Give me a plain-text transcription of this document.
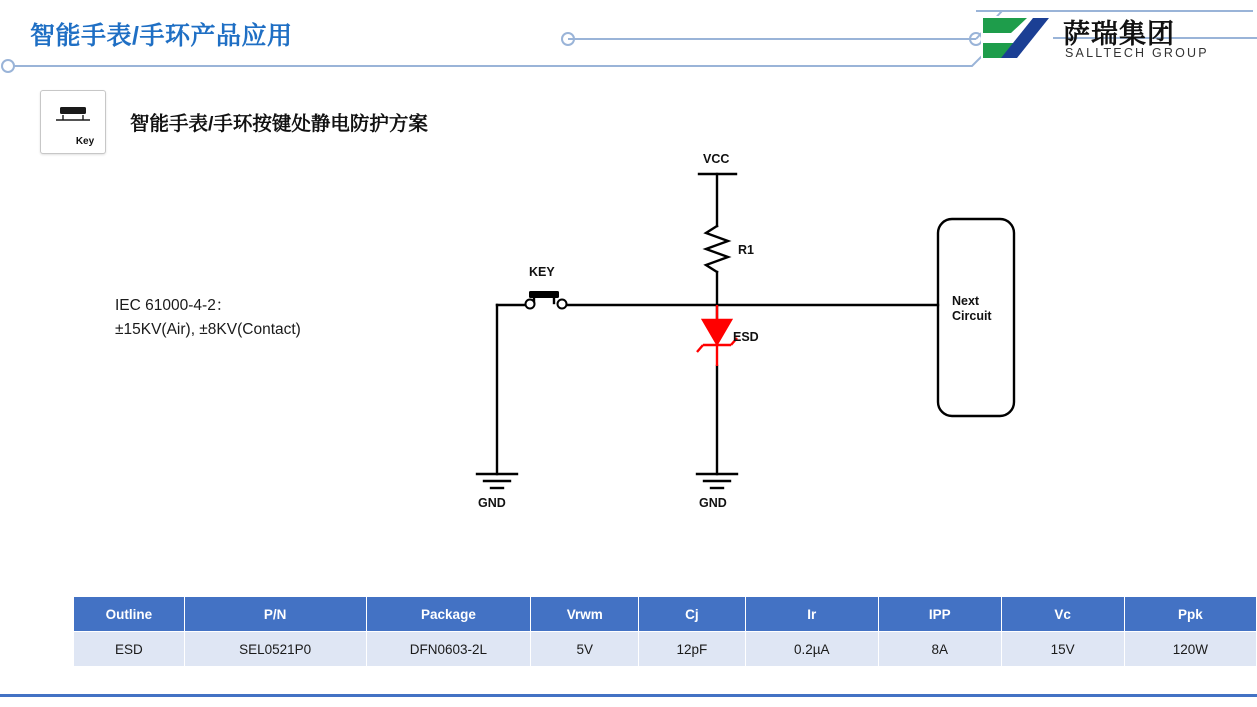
智能手表/手环产品应用	萨瑞集团
SALLTECH GROUP
Key
智能手表/手环按键处静电防护方案
IEC 61000-4-2：
±15KV(Air), ±8KV(Contact)
VCC
R1
KEY
ESD
GND	GND
Next
Circuit
Outline	P/N	Package	Vrwm	Cj	Ir	IPP	Vc	Ppk
ESD	SEL0521P0	DFN0603-2L	5V	12pF	0.2µA	8A	15V	120W
